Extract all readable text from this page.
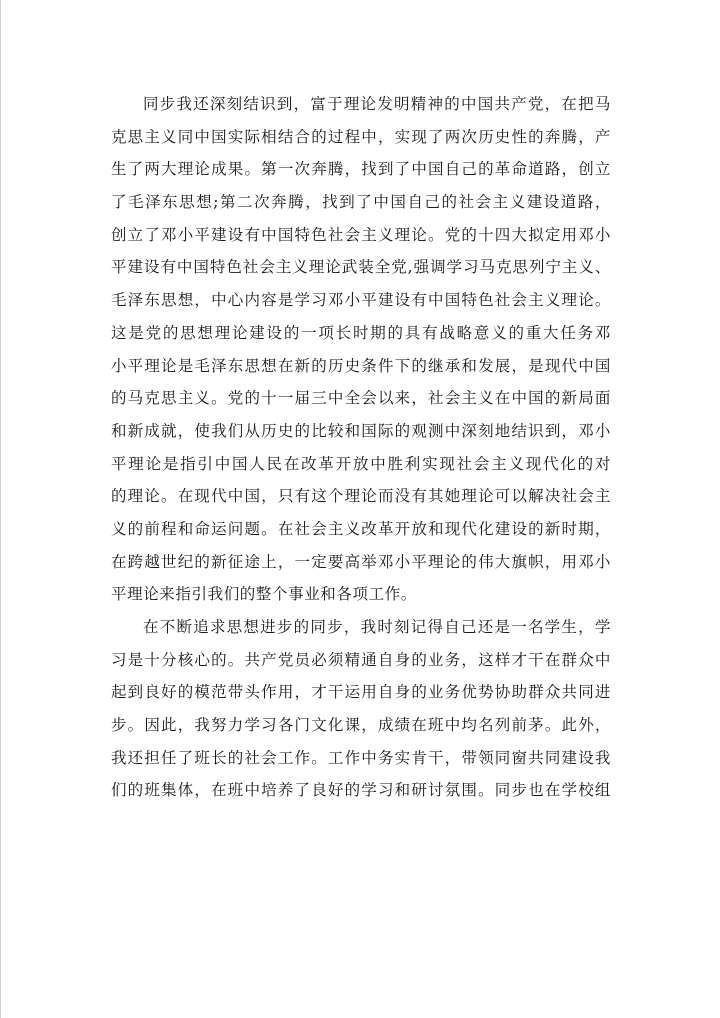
同步我还深刻结识到，富于理论发明精神的中国共产党，在把马
克思主义同中国实际相结合的过程中，实现了两次历史性的奔腾，产
生了两大理论成果。第一次奔腾，找到了中国自己的革命道路，创立
了毛泽东思想;第二次奔腾，找到了中国自己的社会主义建设道路，
创立了邓小平建设有中国特色社会主义理论。党的十四大拟定用邓小
平建设有中国特色社会主义理论武装全党,强调学习马克思列宁主义、
毛泽东思想，中心内容是学习邓小平建设有中国特色社会主义理论。
这是党的思想理论建设的一项长时期的具有战略意义的重大任务邓
小平理论是毛泽东思想在新的历史条件下的继承和发展，是现代中国
的马克思主义。党的十一届三中全会以来，社会主义在中国的新局面
和新成就，使我们从历史的比较和国际的观测中深刻地结识到，邓小
平理论是指引中国人民在改革开放中胜利实现社会主义现代化的对
的理论。在现代中国，只有这个理论而没有其她理论可以解决社会主
义的前程和命运问题。在社会主义改革开放和现代化建设的新时期，
在跨越世纪的新征途上，一定要高举邓小平理论的伟大旗帜，用邓小
平理论来指引我们的整个事业和各项工作。
在不断追求思想进步的同步，我时刻记得自己还是一名学生，学
习是十分核心的。共产党员必须精通自身的业务，这样才干在群众中
起到良好的模范带头作用，才干运用自身的业务优势协助群众共同进
步。因此，我努力学习各门文化课，成绩在班中均名列前茅。此外，
我还担任了班长的社会工作。工作中务实肯干，带领同窗共同建设我
们的班集体，在班中培养了良好的学习和研讨氛围。同步也在学校组
